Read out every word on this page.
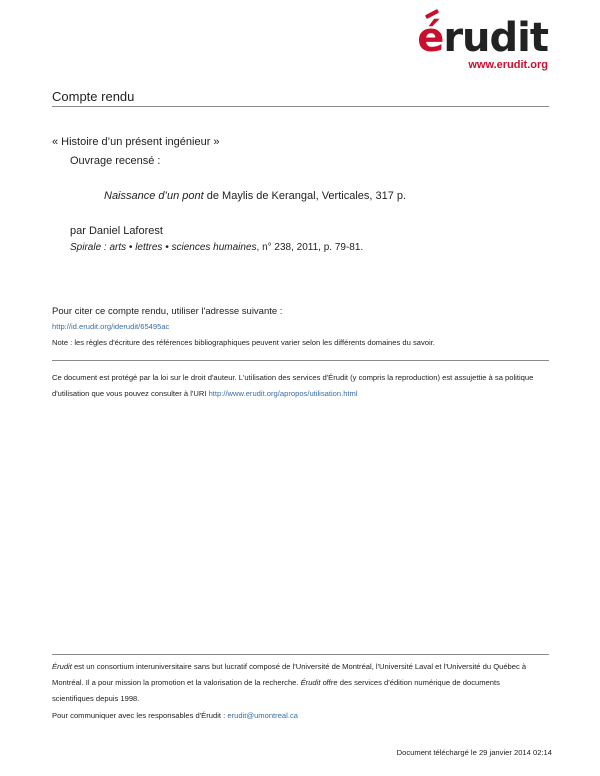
érudit
www.erudit.org
Compte rendu
« Histoire d’un présent ingénieur »
Ouvrage recensé :
Naissance d’un pont de Maylis de Kerangal, Verticales, 317 p.
par Daniel Laforest
Spirale : arts • lettres • sciences humaines, n° 238, 2011, p. 79-81.
Pour citer ce compte rendu, utiliser l'adresse suivante :
http://id.erudit.org/iderudit/65495ac
Note : les règles d'écriture des références bibliographiques peuvent varier selon les différents domaines du savoir.
Ce document est protégé par la loi sur le droit d'auteur. L'utilisation des services d'Érudit (y compris la reproduction) est assujettie à sa politique
d'utilisation que vous pouvez consulter à l'URI http://www.erudit.org/apropos/utilisation.html
Érudit est un consortium interuniversitaire sans but lucratif composé de l'Université de Montréal, l'Université Laval et l'Université du Québec à
Montréal. Il a pour mission la promotion et la valorisation de la recherche. Érudit offre des services d'édition numérique de documents
scientifiques depuis 1998.
Pour communiquer avec les responsables d'Érudit : erudit@umontreal.ca
Document téléchargé le 29 janvier 2014 02:14
